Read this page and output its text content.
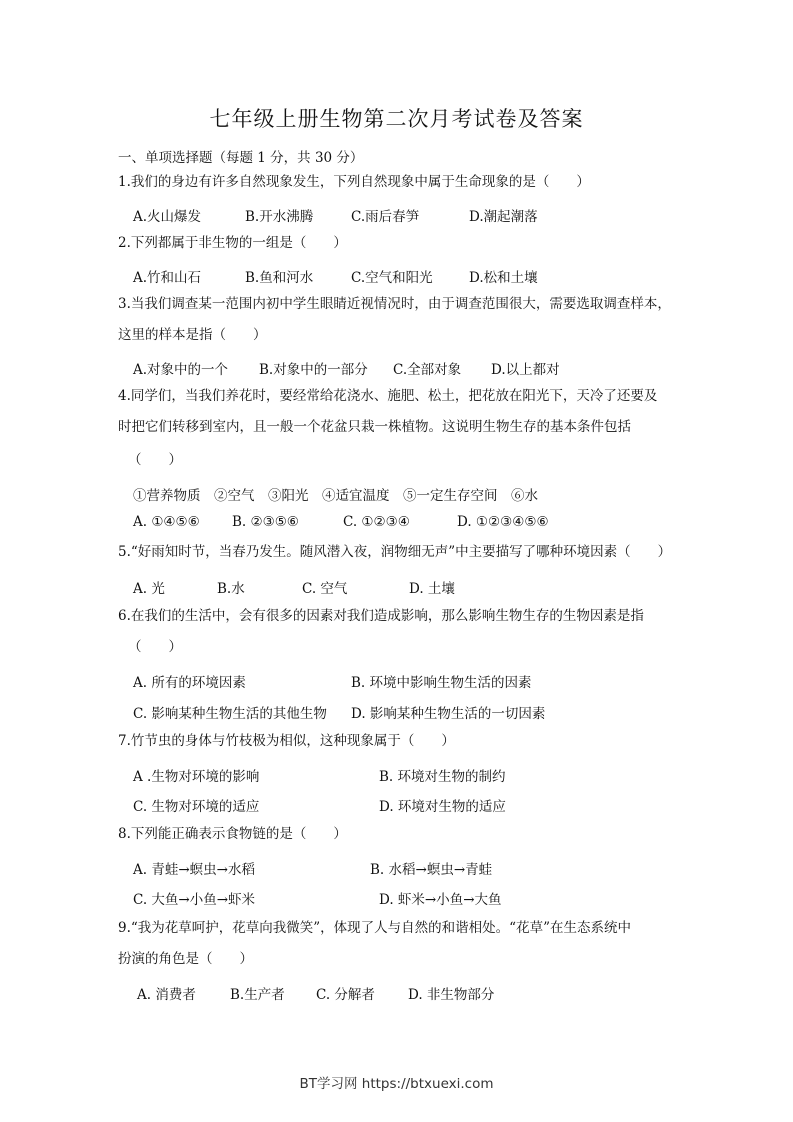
七年级上册生物第二次月考试卷及答案
一、单项选择题（每题 1 分，共 30 分）
1.我们的身边有许多自然现象发生，下列自然现象中属于生命现象的是（　　）
A.火山爆发	B.开水沸腾	C.雨后春笋	D.潮起潮落
2.下列都属于非生物的一组是（　　）
A.竹和山石	B.鱼和河水	C.空气和阳光	D.松和土壤
3.当我们调查某一范围内初中学生眼睛近视情况时，由于调查范围很大，需要选取调查样本，
这里的样本是指（　　）
A.对象中的一个 B.对象中的一部分 C.全部对象 D.以上都对
4.同学们，当我们养花时，要经常给花浇水、施肥、松土，把花放在阳光下，天冷了还要及
时把它们转移到室内，且一般一个花盆只栽一株植物。这说明生物生存的基本条件包括
（　　）
①营养物质　②空气　③阳光　④适宜温度　⑤一定生存空间　⑥水
A. ①④⑤⑥ B. ②③⑤⑥	C. ①②③④	D. ①②③④⑤⑥
5.“好雨知时节，当春乃发生。随风潜入夜，润物细无声”中主要描写了哪种环境因素（　　）
A. 光	B.水	C. 空气	D. 土壤
6.在我们的生活中，会有很多的因素对我们造成影响，那么影响生物生存的生物因素是指
（　　）
A. 所有的环境因素	B. 环境中影响生物生活的因素
C. 影响某种生物生活的其他生物 D. 影响某种生物生活的一切因素
7.竹节虫的身体与竹枝极为相似，这种现象属于（　　）
A .生物对环境的影响	B. 环境对生物的制约
C. 生物对环境的适应	D. 环境对生物的适应
8.下列能正确表示食物链的是（　　）
A. 青蛙→螟虫→水稻	B. 水稻→螟虫→青蛙
C. 大鱼→小鱼→虾米	D. 虾米→小鱼→大鱼
9.“我为花草呵护，花草向我微笑”，体现了人与自然的和谐相处。“花草”在生态系统中
扮演的角色是（　　）
A. 消费者	B.生产者 C. 分解者 D. 非生物部分
BT学习网 https://btxuexi.com
